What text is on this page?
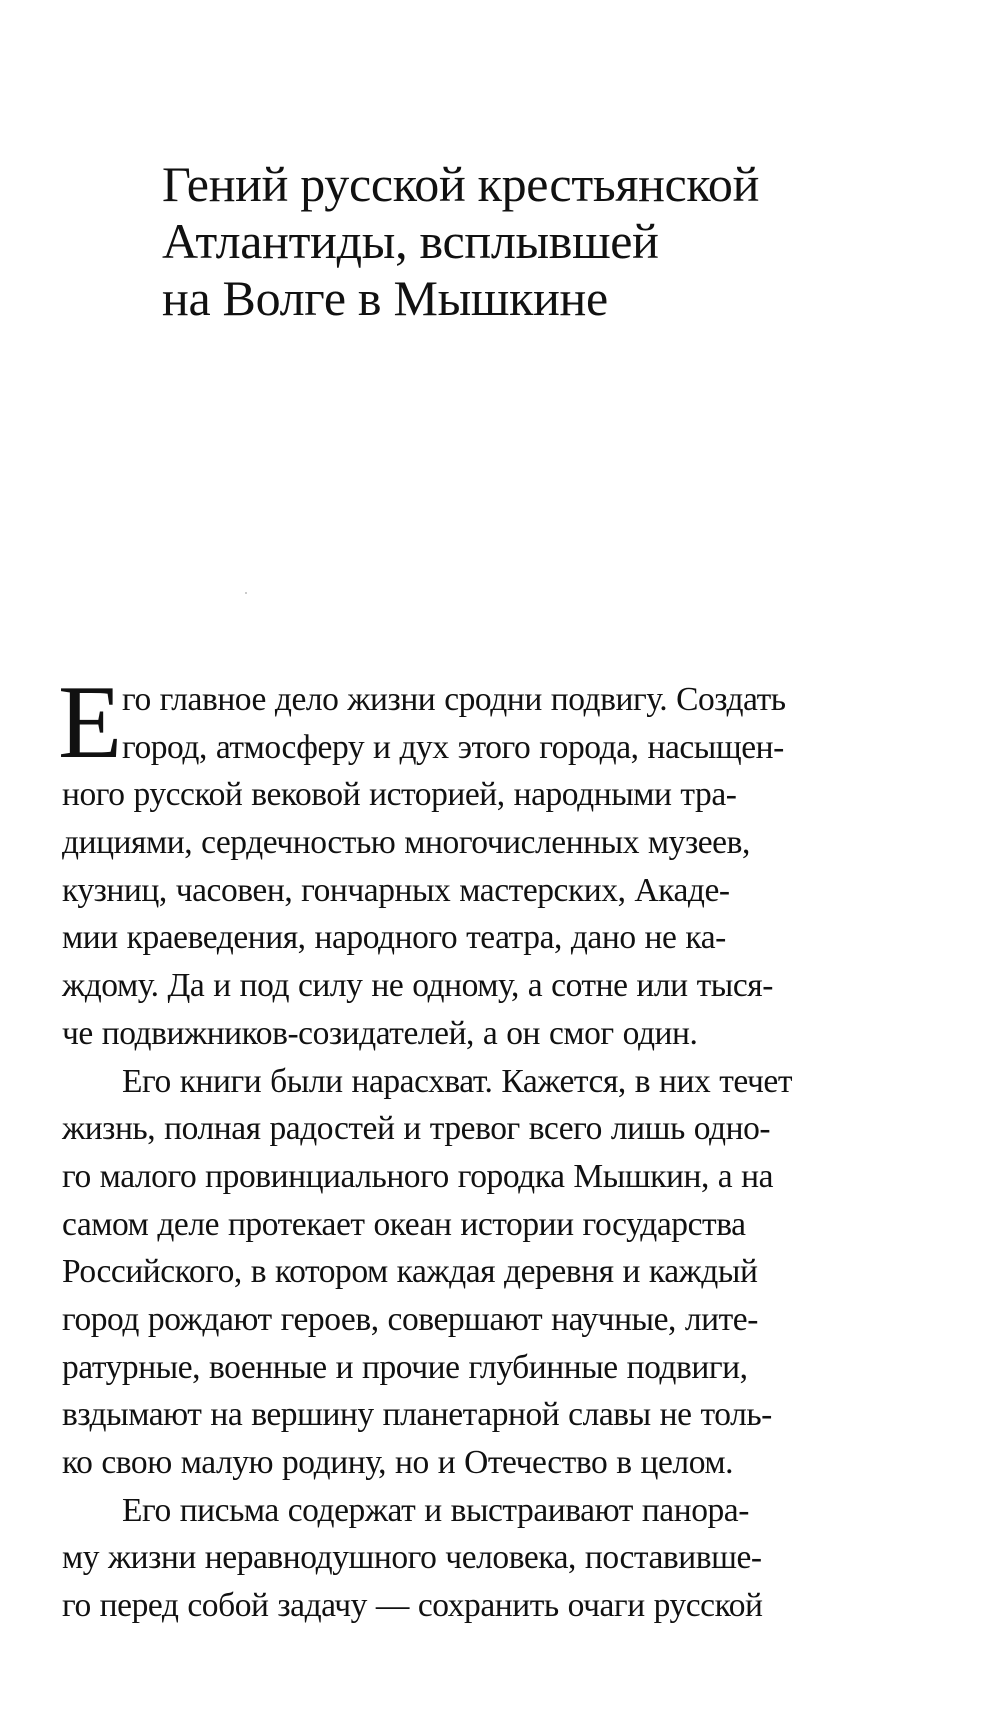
Гений русской крестьянской
Атлантиды, всплывшей
на Волге в Мышкине
Е го главное дело жизни сродни подвигу. Создать
город, атмосферу и дух этого города, насыщен-
ного русской вековой историей, народными тра-
дициями, сердечностью многочисленных музеев,
кузниц, часовен, гончарных мастерских, Акаде-
мии краеведения, народного театра, дано не ка-
ждому. Да и под силу не одному, а сотне или тыся-
че подвижников-созидателей, а он смог один.
Его книги были нарасхват. Кажется, в них течет
жизнь, полная радостей и тревог всего лишь одно-
го малого провинциального городка Мышкин, а на
самом деле протекает океан истории государства
Российского, в котором каждая деревня и каждый
город рождают героев, совершают научные, лите-
ратурные, военные и прочие глубинные подвиги,
вздымают на вершину планетарной славы не толь-
ко свою малую родину, но и Отечество в целом.
Его письма содержат и выстраивают панора-
му жизни неравнодушного человека, поставивше-
го перед собой задачу — сохранить очаги русской
